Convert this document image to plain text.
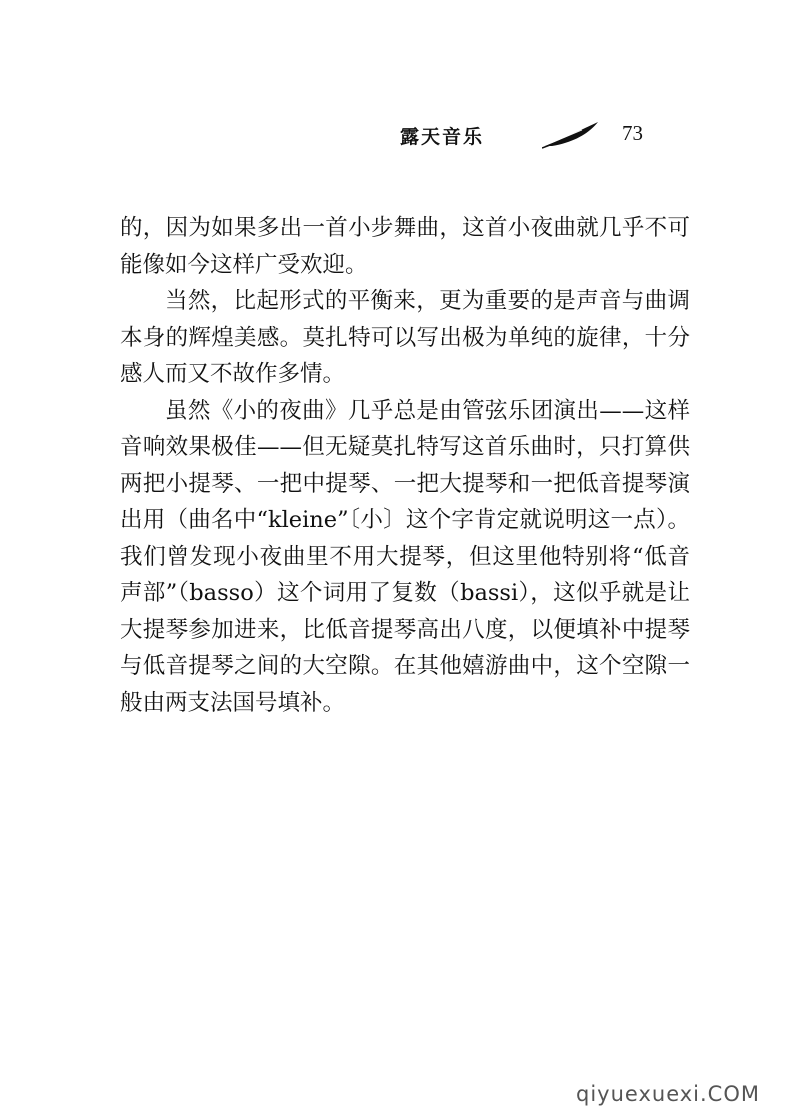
露天音乐	73

的，因为如果多出一首小步舞曲，这首小夜曲就几乎不可能像如今这样广受欢迎。

当然，比起形式的平衡来，更为重要的是声音与曲调本身的辉煌美感。莫扎特可以写出极为单纯的旋律，十分感人而又不故作多情。

虽然《小的夜曲》几乎总是由管弦乐团演出——这样音响效果极佳——但无疑莫扎特写这首乐曲时，只打算供两把小提琴、一把中提琴、一把大提琴和一把低音提琴演出用（曲名中“kleine”〔小〕这个字肯定就说明这一点）。我们曾发现小夜曲里不用大提琴，但这里他特别将“低音声部”（basso）这个词用了复数（bassi），这似乎就是让大提琴参加进来，比低音提琴高出八度，以便填补中提琴与低音提琴之间的大空隙。在其他嬉游曲中，这个空隙一般由两支法国号填补。

qiyuexuexi.COM
